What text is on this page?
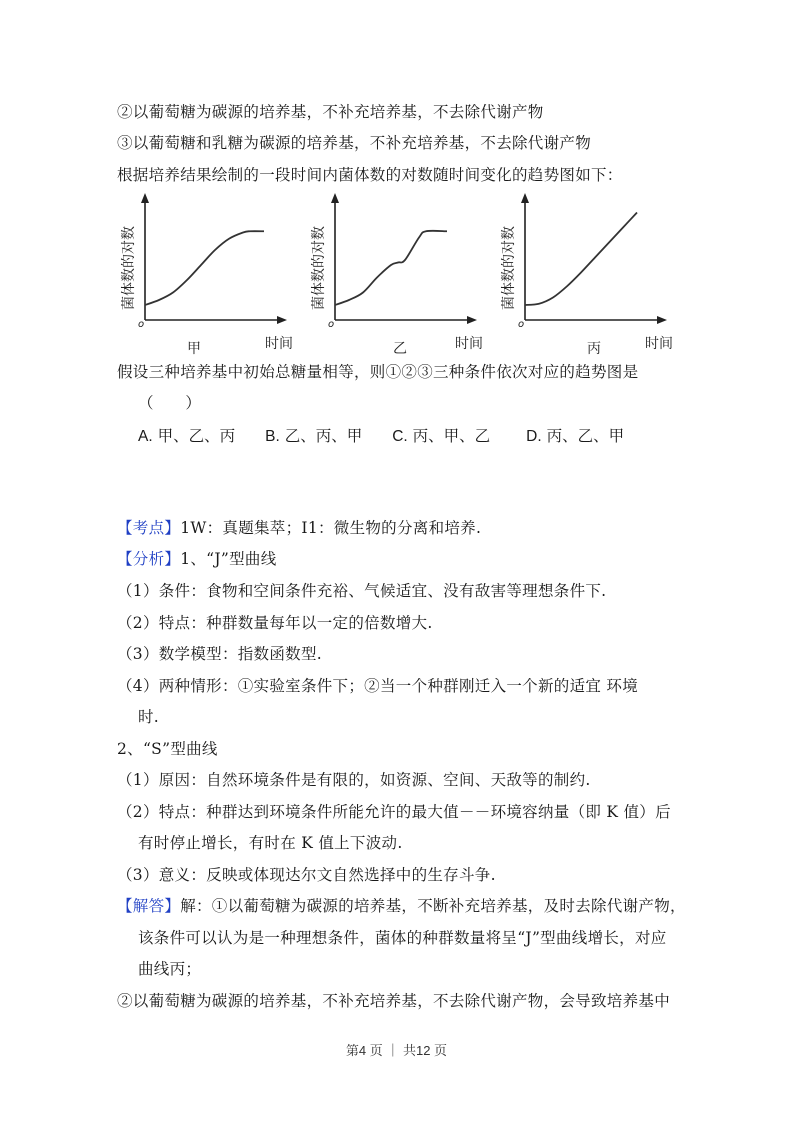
②以葡萄糖为碳源的培养基，不补充培养基，不去除代谢产物
③以葡萄糖和乳糖为碳源的培养基，不补充培养基，不去除代谢产物
根据培养结果绘制的一段时间内菌体数的对数随时间变化的趋势图如下：
o
菌体数的对数
时间
甲
o
菌体数的对数
时间
乙
o
菌体数的对数
时间
丙
假设三种培养基中初始总糖量相等，则①②③三种条件依次对应的趋势图是
（　　）
A. 甲、乙、丙 B. 乙、丙、甲 C. 丙、甲、乙 D. 丙、乙、甲
【考点】1W：真题集萃；I1：微生物的分离和培养.
【分析】1、“J”型曲线
（1）条件：食物和空间条件充裕、气候适宜、没有敌害等理想条件下.
（2）特点：种群数量每年以一定的倍数增大.
（3）数学模型：指数函数型.
（4）两种情形：①实验室条件下；②当一个种群刚迁入一个新的适宜 环境
时.
2、“S”型曲线
（1）原因：自然环境条件是有限的，如资源、空间、天敌等的制约.
（2）特点：种群达到环境条件所能允许的最大值－－环境容纳量（即 K 值）后
有时停止增长，有时在 K 值上下波动.
（3）意义：反映或体现达尔文自然选择中的生存斗争.
【解答】解：①以葡萄糖为碳源的培养基，不断补充培养基，及时去除代谢产物，
该条件可以认为是一种理想条件，菌体的种群数量将呈“J”型曲线增长，对应
曲线丙；
②以葡萄糖为碳源的培养基，不补充培养基，不去除代谢产物，会导致培养基中
第4 页 ｜ 共12 页
